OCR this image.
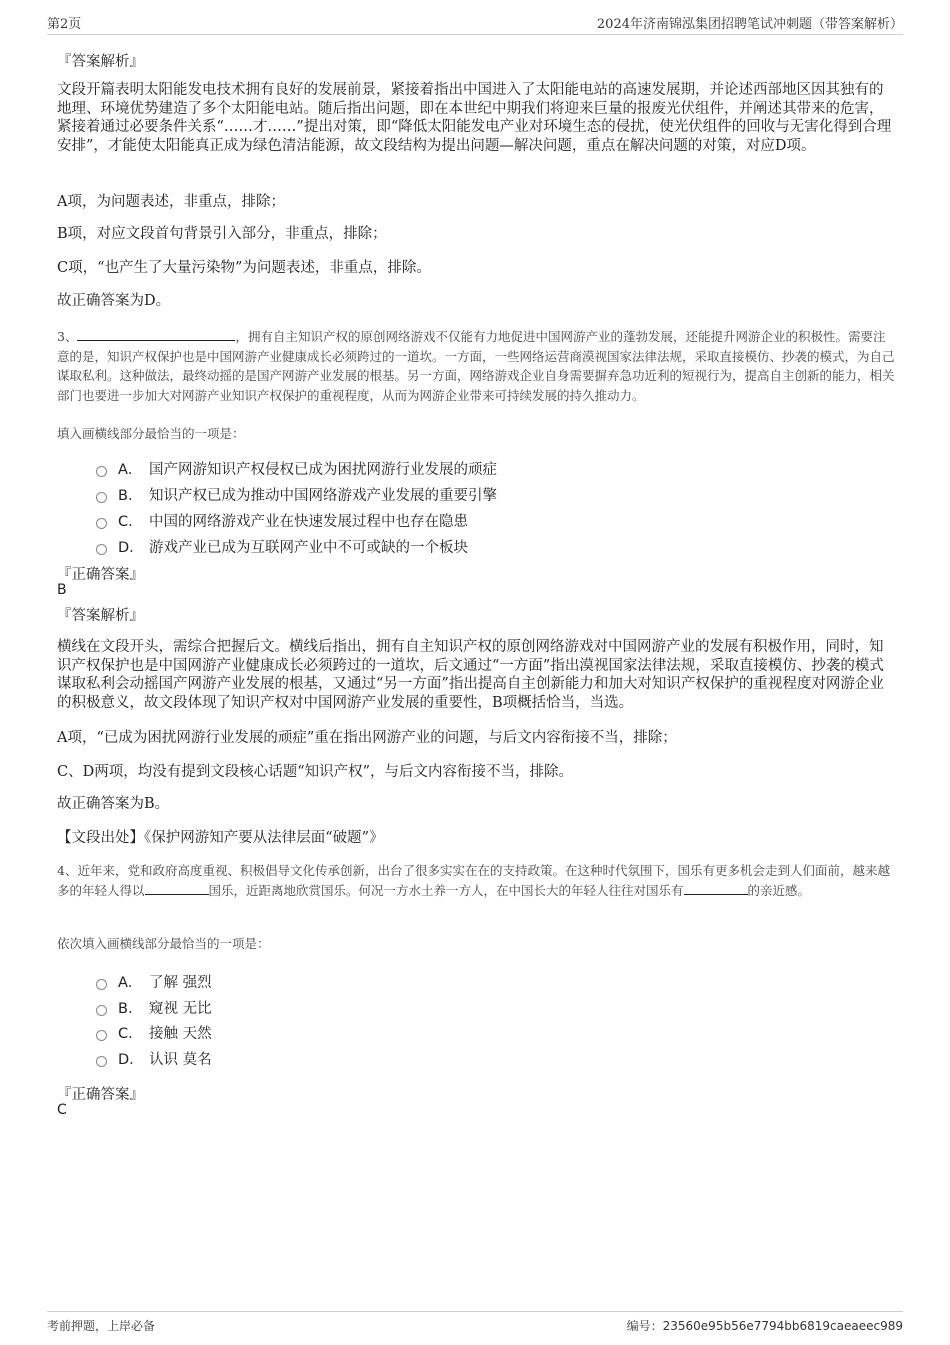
第2页	2024年济南锦泓集团招聘笔试冲刺题（带答案解析）
『答案解析』
文段开篇表明太阳能发电技术拥有良好的发展前景，紧接着指出中国进入了太阳能电站的高速发展期，并论述西部地区因其独有的地理、环境优势建造了多个太阳能电站。随后指出问题，即在本世纪中期我们将迎来巨量的报废光伏组件，并阐述其带来的危害，紧接着通过必要条件关系“……才……”提出对策，即“降低太阳能发电产业对环境生态的侵扰，使光伏组件的回收与无害化得到合理安排”，才能使太阳能真正成为绿色清洁能源，故文段结构为提出问题—解决问题，重点在解决问题的对策，对应D项。
A项，为问题表述，非重点，排除；
B项，对应文段首句背景引入部分，非重点，排除；
C项，“也产生了大量污染物”为问题表述，非重点，排除。
故正确答案为D。
3、	，拥有自主知识产权的原创网络游戏不仅能有力地促进中国网游产业的蓬勃发展，还能提升网游企业的积极性。需要注意的是，知识产权保护也是中国网游产业健康成长必须跨过的一道坎。一方面，一些网络运营商漠视国家法律法规，采取直接模仿、抄袭的模式，为自己谋取私利。这种做法，最终动摇的是国产网游产业发展的根基。另一方面，网络游戏企业自身需要摒弃急功近利的短视行为，提高自主创新的能力，相关部门也要进一步加大对网游产业知识产权保护的重视程度，从而为网游企业带来可持续发展的持久推动力。
填入画横线部分最恰当的一项是：
A． 国产网游知识产权侵权已成为困扰网游行业发展的顽症
B． 知识产权已成为推动中国网络游戏产业发展的重要引擎
C． 中国的网络游戏产业在快速发展过程中也存在隐患
D． 游戏产业已成为互联网产业中不可或缺的一个板块
『正确答案』
B
『答案解析』
横线在文段开头，需综合把握后文。横线后指出，拥有自主知识产权的原创网络游戏对中国网游产业的发展有积极作用，同时，知识产权保护也是中国网游产业健康成长必须跨过的一道坎，后文通过“一方面”指出漠视国家法律法规，采取直接模仿、抄袭的模式谋取私利会动摇国产网游产业发展的根基，又通过“另一方面”指出提高自主创新能力和加大对知识产权保护的重视程度对网游企业的积极意义，故文段体现了知识产权对中国网游产业发展的重要性，B项概括恰当，当选。
A项，“已成为困扰网游行业发展的顽症”重在指出网游产业的问题，与后文内容衔接不当，排除；
C、D两项，均没有提到文段核心话题“知识产权”，与后文内容衔接不当，排除。
故正确答案为B。
【文段出处】《保护网游知产要从法律层面“破题”》
4、近年来，党和政府高度重视、积极倡导文化传承创新，出台了很多实实在在的支持政策。在这种时代氛围下，国乐有更多机会走到人们面前，越来越多的年轻人得以	国乐，近距离地欣赏国乐。何况一方水土养一方人，在中国长大的年轻人往往对国乐有	的亲近感。
依次填入画横线部分最恰当的一项是：
A． 了解 强烈
B． 窥视 无比
C． 接触 天然
D． 认识 莫名
『正确答案』
C
考前押题，上岸必备	编号：23560e95b56e7794bb6819caeaeec989
